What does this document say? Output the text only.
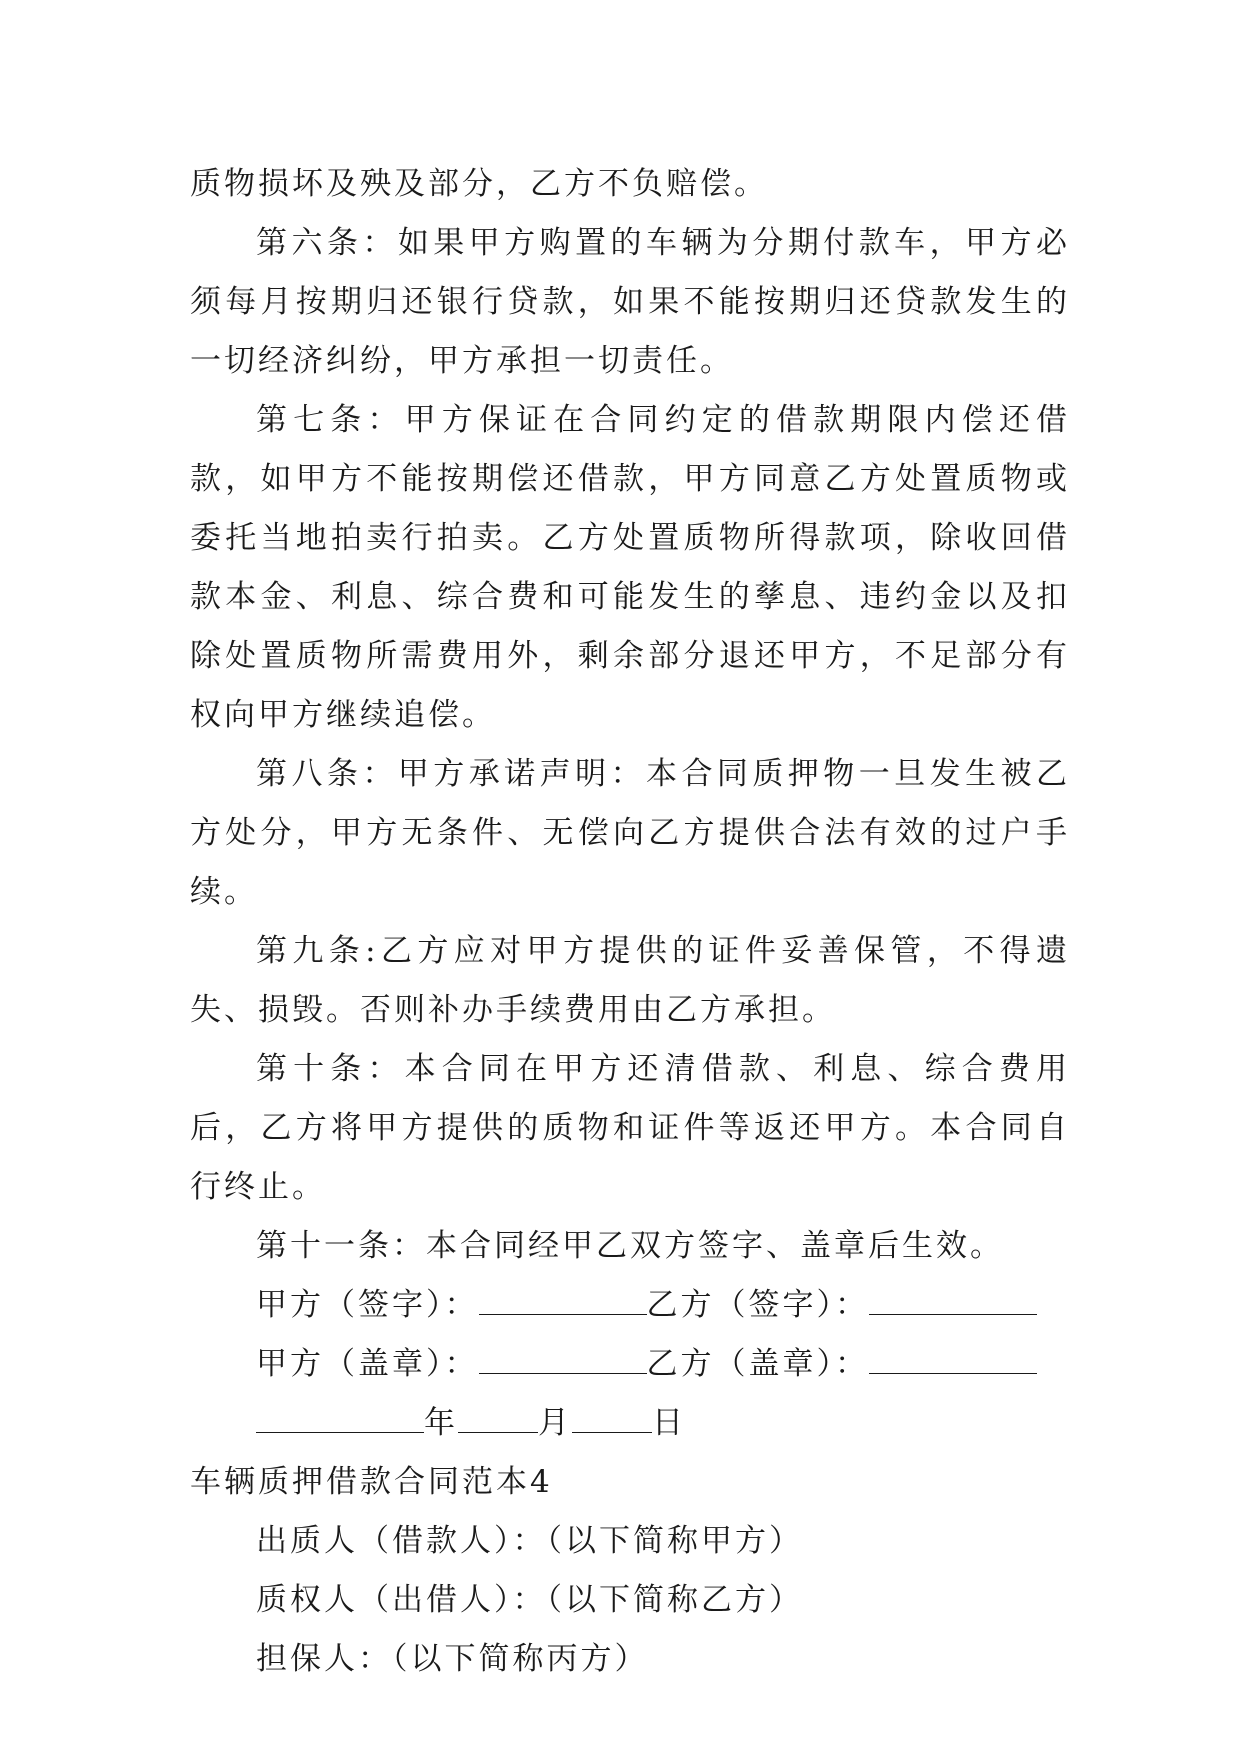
质物损坏及殃及部分，乙方不负赔偿。

第六条：如果甲方购置的车辆为分期付款车，甲方必须每月按期归还银行贷款，如果不能按期归还贷款发生的一切经济纠纷，甲方承担一切责任。

第七条：甲方保证在合同约定的借款期限内偿还借款，如甲方不能按期偿还借款，甲方同意乙方处置质物或委托当地拍卖行拍卖。乙方处置质物所得款项，除收回借款本金、利息、综合费和可能发生的孳息、违约金以及扣除处置质物所需费用外，剩余部分退还甲方，不足部分有权向甲方继续追偿。

第八条：甲方承诺声明：本合同质押物一旦发生被乙方处分，甲方无条件、无偿向乙方提供合法有效的过户手续。

第九条:乙方应对甲方提供的证件妥善保管，不得遗失、损毁。否则补办手续费用由乙方承担。

第十条：本合同在甲方还清借款、利息、综合费用后，乙方将甲方提供的质物和证件等返还甲方。本合同自行终止。

第十一条：本合同经甲乙双方签字、盖章后生效。

甲方（签字）：	乙方（签字）：

甲方（盖章）：	乙方（盖章）：

年	月	日

车辆质押借款合同范本4

出质人（借款人）：（以下简称甲方）

质权人（出借人）：（以下简称乙方）

担保人：（以下简称丙方）
